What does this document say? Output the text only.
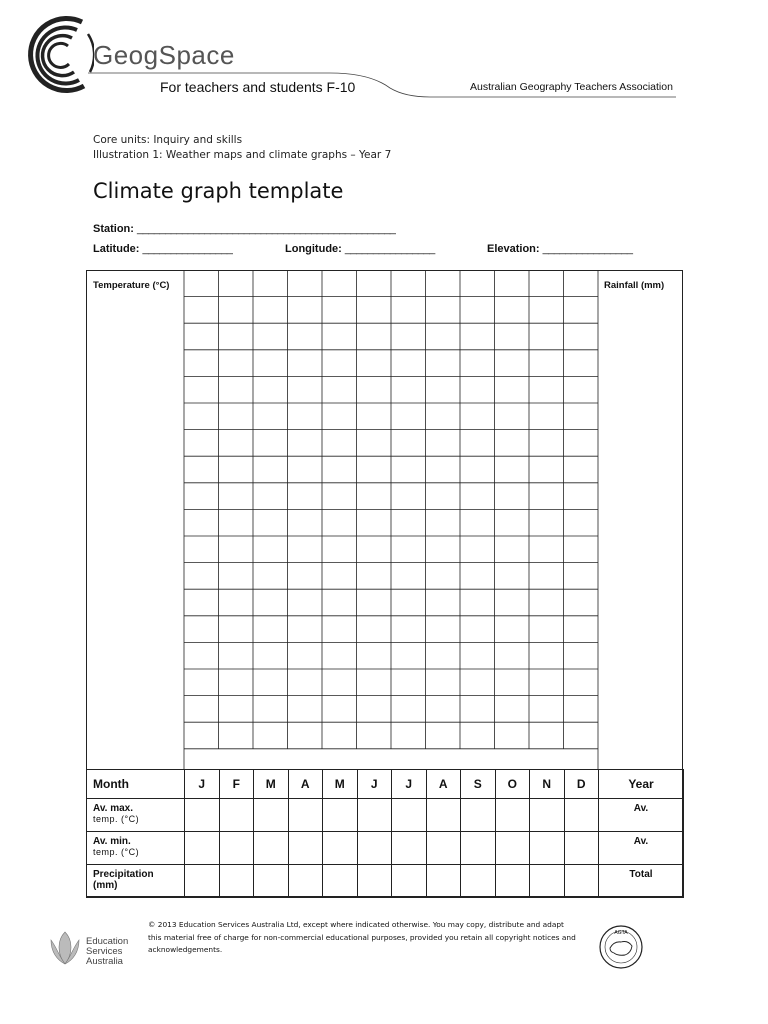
GeogSpace
For teachers and students F-10	Australian Geography Teachers Association
Core units: Inquiry and skills
Illustration 1: Weather maps and climate graphs – Year 7
Climate graph template
Station: ______________________________________________
Latitude: ________________	Longitude: ________________	Elevation: ________________
Temperature (°C)	Rainfall (mm)
Month	J	F	M	A	M	J	J	A	S	O	N	D	Year
Av. max.
temp. (°C)													Av.
Av. min.
temp. (°C)													Av.
Precipitation
(mm)													Total
Education
Services
Australia
© 2013 Education Services Australia Ltd, except where indicated otherwise. You may copy, distribute and adapt this material free of charge for non-commercial educational purposes, provided you retain all copyright notices and acknowledgements.
AGTA
